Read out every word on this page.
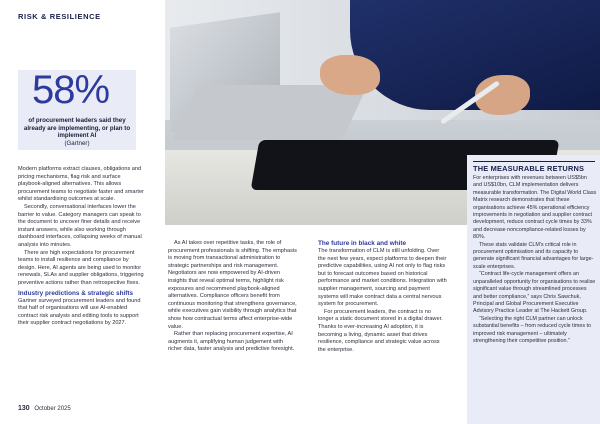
RISK & RESILIENCE
58%
of procurement leaders said they already are implementing, or plan to implement AI
(Gartner)

Modern platforms extract clauses, obligations and pricing mechanisms, flag risk and surface playbook-aligned alternatives. This allows procurement teams to negotiate faster and smarter whilst standardising outcomes at scale.

Secondly, conversational interfaces lower the barrier to value. Category managers can speak to the document to uncover finer details and receive instant answers, while also working through dashboard interfaces, collapsing weeks of manual analysis into minutes.

There are high expectations for procurement teams to install resilience and compliance by design. Here, AI agents are being used to monitor renewals, SLAs and supplier obligations, triggering preventive actions rather than retrospective fixes.

Industry predictions & strategic shifts

Gartner surveyed procurement leaders and found that half of organisations will use AI-enabled contract risk analysis and editing tools to support their supplier contract negotiations by 2027.

As AI takes over repetitive tasks, the role of procurement professionals is shifting. The emphasis is moving from transactional administration to strategic partnerships and risk management. Negotiators are now empowered by AI-driven insights that reveal optimal terms, highlight risk exposures and recommend playbook-aligned alternatives. Compliance officers benefit from continuous monitoring that strengthens governance, while executives gain visibility through analytics that show how contractual terms affect enterprise-wide value.

Rather than replacing procurement expertise, AI augments it, amplifying human judgement with richer data, faster analysis and predictive foresight.

The future in black and white

The transformation of CLM is still unfolding. Over the next few years, expect platforms to deepen their predictive capabilities, using AI not only to flag risks but to forecast outcomes based on historical performance and market conditions. Integration with supplier management, sourcing and payment systems will make contract data a central nervous system for procurement.

For procurement leaders, the contract is no longer a static document stored in a digital drawer. Thanks to ever-increasing AI adoption, it is becoming a living, dynamic asset that drives resilience, compliance and strategic value across the enterprise.

THE MEASURABLE RETURNS

For enterprises with revenues between US$5bn and US$10bn, CLM implementation delivers measurable transformation. The Digital World Class Matrix research demonstrates that these organisations achieve 45% operational efficiency improvements in negotiation and supplier contract development, reduce contract cycle times by 33% and decrease noncompliance-related losses by 80%.

These stats validate CLM's critical role in procurement optimisation and its capacity to generate significant financial advantages for large-scale enterprises.

“Contract life-cycle management offers an unparalleled opportunity for organisations to realise significant value through streamlined processes and better compliance,” says Chris Sawchuk, Principal and Global Procurement Executive Advisory Practice Leader at The Hackett Group.

“Selecting the right CLM partner can unlock substantial benefits – from reduced cycle times to improved risk management – ultimately strengthening their competitive position.”

130 October 2025
